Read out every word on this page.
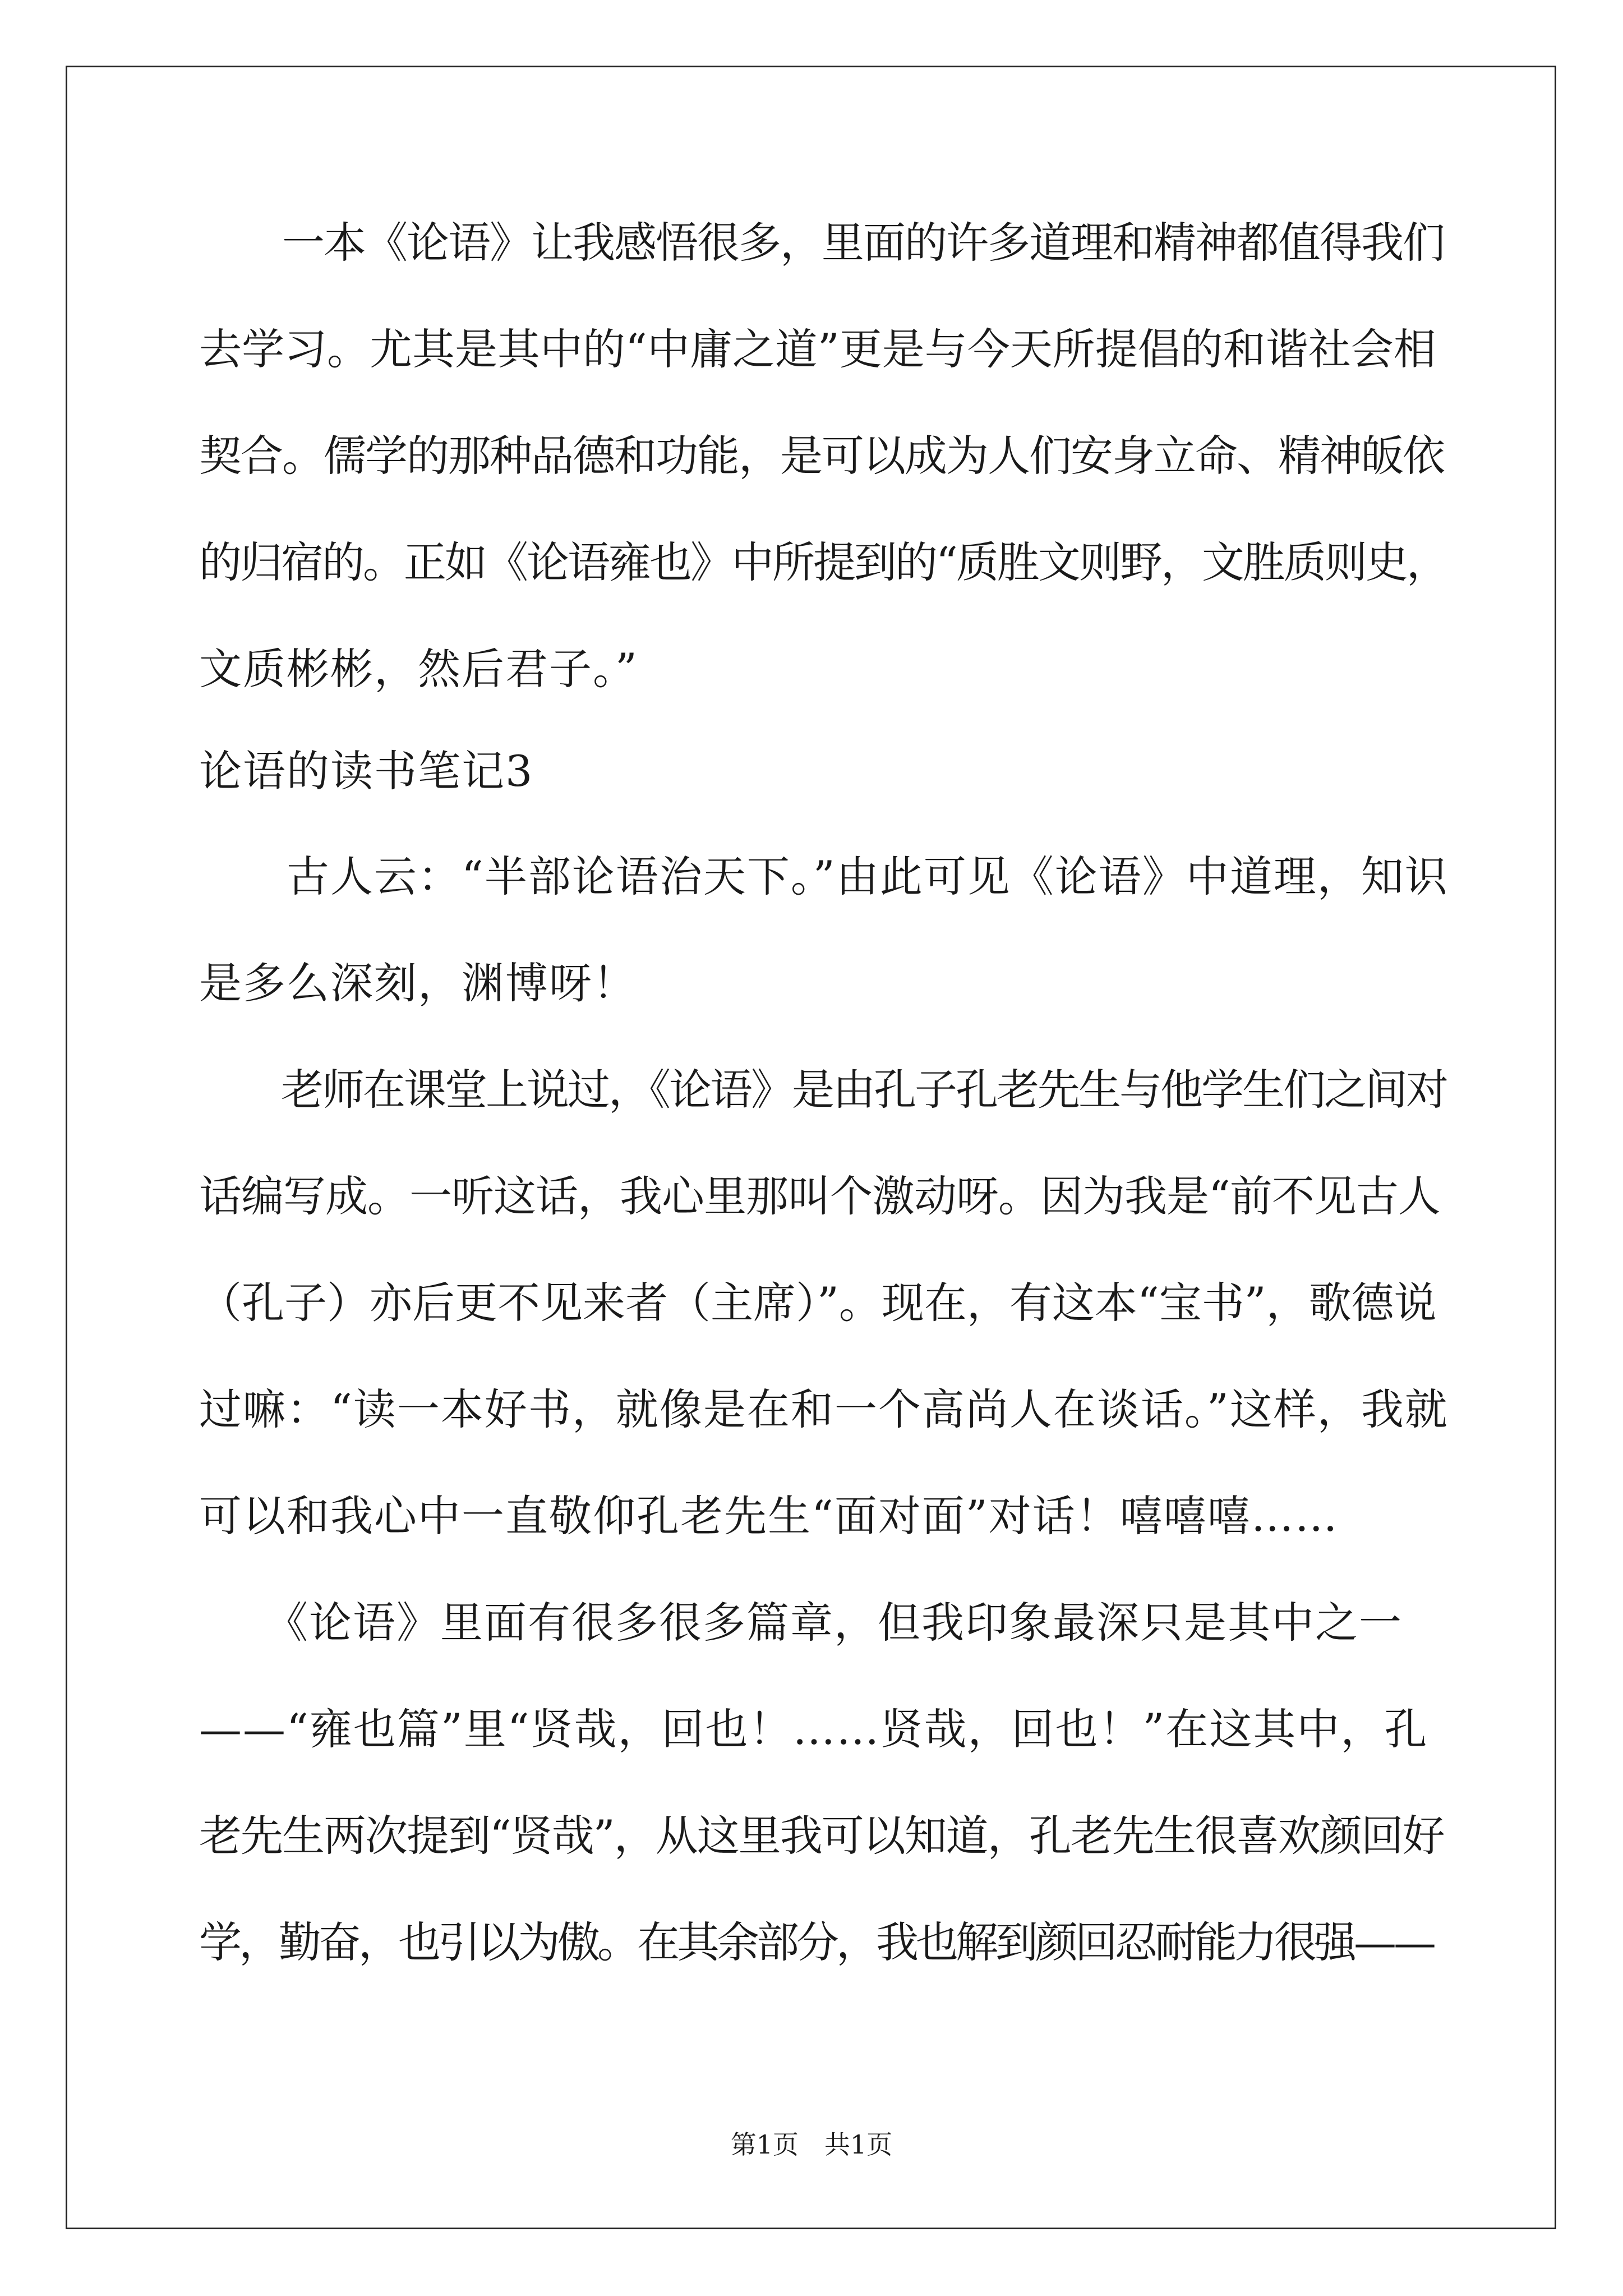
　　一本《论语》让我感悟很多，里面的许多道理和精神都值得我们
去学习。尤其是其中的“中庸之道”更是与今天所提倡的和谐社会相
契合。儒学的那种品德和功能，是可以成为人们安身立命、精神皈依
的归宿的。正如《论语雍也》中所提到的“质胜文则野，文胜质则史，
文质彬彬，然后君子。”
论语的读书笔记3
　　古人云：“半部论语治天下。”由此可见《论语》中道理，知识
是多么深刻，渊博呀！
　　老师在课堂上说过，《论语》是由孔子孔老先生与他学生们之间对
话编写成。一听这话，我心里那叫个激动呀。因为我是“前不见古人
（孔子）亦后更不见来者（主席）”。现在，有这本“宝书”，歌德说
过嘛：“读一本好书，就像是在和一个高尚人在谈话。”这样，我就
可以和我心中一直敬仰孔老先生“面对面”对话！嘻嘻嘻……
　　《论语》里面有很多很多篇章，但我印象最深只是其中之一
——“雍也篇”里“贤哉，回也！……贤哉，回也！”在这其中，孔
老先生两次提到“贤哉”，从这里我可以知道，孔老先生很喜欢颜回好
学，勤奋，也引以为傲。在其余部分，我也解到颜回忍耐能力很强——
第1页　共1页
